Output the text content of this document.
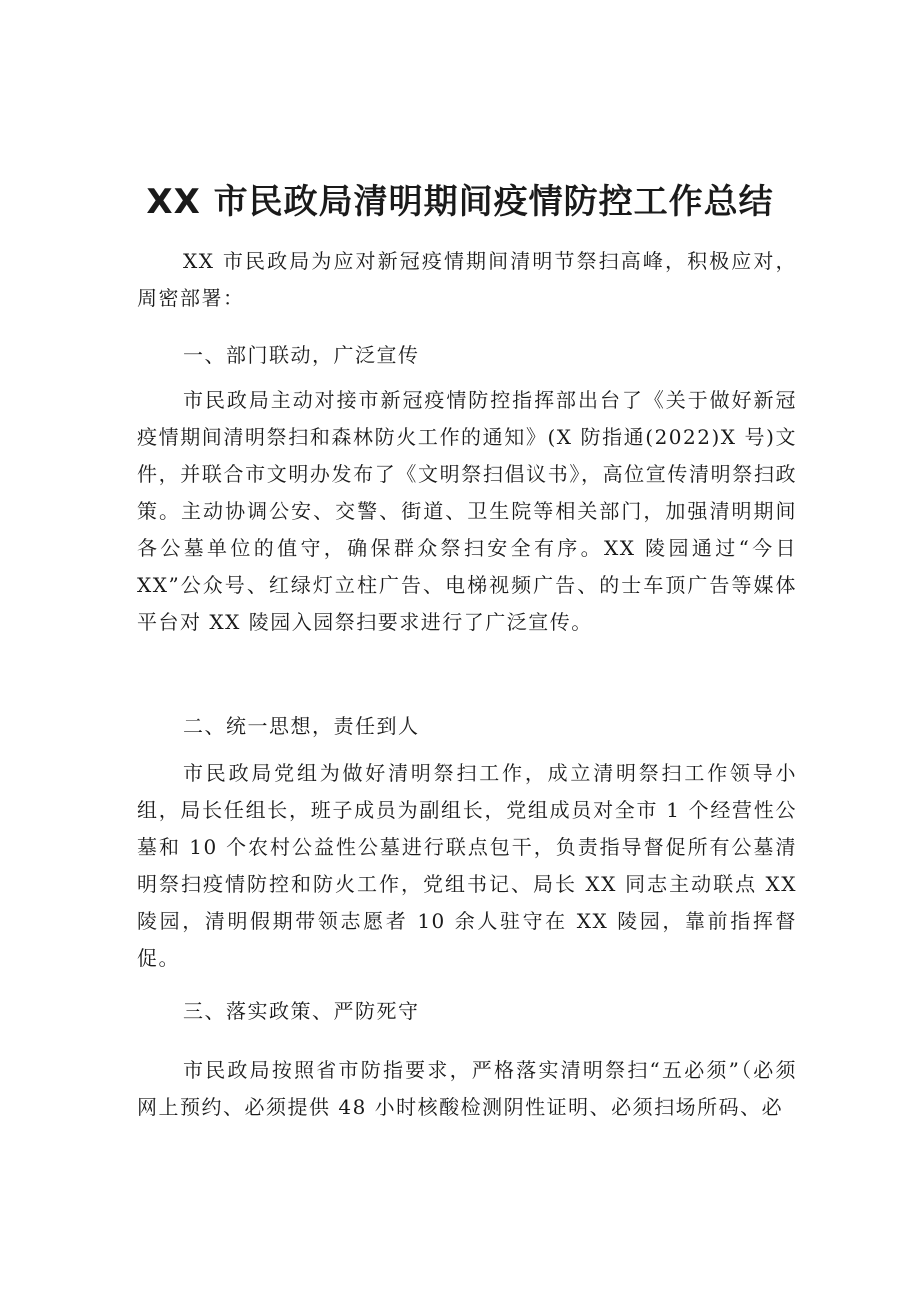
XX 市民政局清明期间疫情防控工作总结

XX 市民政局为应对新冠疫情期间清明节祭扫高峰，积极应对，周密部署：

一、部门联动，广泛宣传

市民政局主动对接市新冠疫情防控指挥部出台了《关于做好新冠疫情期间清明祭扫和森林防火工作的通知》(X 防指通(2022)X 号)文件，并联合市文明办发布了《文明祭扫倡议书》，高位宣传清明祭扫政策。主动协调公安、交警、街道、卫生院等相关部门，加强清明期间各公墓单位的值守，确保群众祭扫安全有序。XX 陵园通过“今日XX”公众号、红绿灯立柱广告、电梯视频广告、的士车顶广告等媒体平台对 XX 陵园入园祭扫要求进行了广泛宣传。

二、统一思想，责任到人

市民政局党组为做好清明祭扫工作，成立清明祭扫工作领导小组，局长任组长，班子成员为副组长，党组成员对全市 1 个经营性公墓和 10 个农村公益性公墓进行联点包干，负责指导督促所有公墓清明祭扫疫情防控和防火工作，党组书记、局长 XX 同志主动联点 XX 陵园，清明假期带领志愿者 10 余人驻守在 XX 陵园，靠前指挥督促。

三、落实政策、严防死守

市民政局按照省市防指要求，严格落实清明祭扫“五必须”（必须网上预约、必须提供 48 小时核酸检测阴性证明、必须扫场所码、必
